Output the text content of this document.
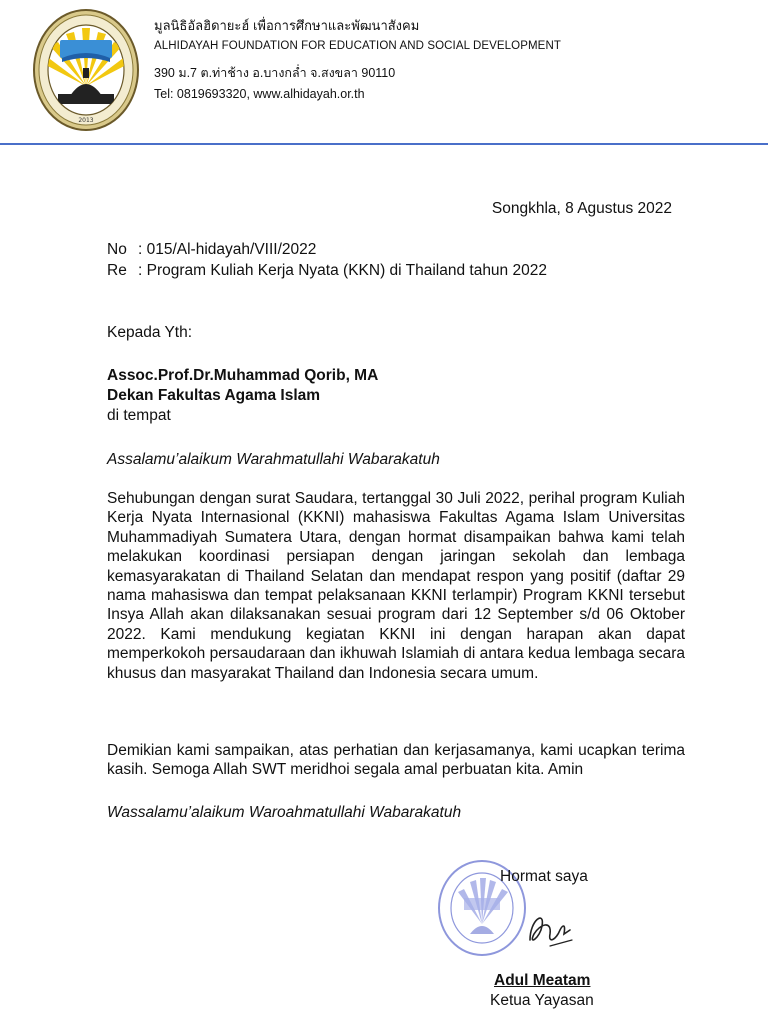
2013
มูลนิธิอัลฮิดายะฮ์ เพื่อการศึกษาและพัฒนาสังคม
ALHIDAYAH FOUNDATION FOR EDUCATION AND SOCIAL DEVELOPMENT
390 ม.7 ต.ท่าช้าง อ.บางกล่ำ จ.สงขลา 90110
Tel: 0819693320, www.alhidayah.or.th
Songkhla, 8 Agustus 2022
No : 015/Al-hidayah/VIII/2022
Re : Program Kuliah Kerja Nyata (KKN) di Thailand tahun 2022
Kepada Yth:
Assoc.Prof.Dr.Muhammad Qorib, MA
Dekan Fakultas Agama Islam
di tempat
Assalamu’alaikum Warahmatullahi Wabarakatuh
Sehubungan dengan surat Saudara, tertanggal 30 Juli 2022, perihal program Kuliah Kerja Nyata Internasional (KKNI) mahasiswa Fakultas Agama Islam Universitas Muhammadiyah Sumatera Utara, dengan hormat disampaikan bahwa kami telah melakukan koordinasi persiapan dengan jaringan sekolah dan lembaga kemasyarakatan di Thailand Selatan dan mendapat respon yang positif (daftar 29 nama mahasiswa dan tempat pelaksanaan KKNI terlampir) Program KKNI tersebut Insya Allah akan dilaksanakan sesuai program dari 12 September s/d 06 Oktober 2022. Kami mendukung kegiatan KKNI ini dengan harapan akan dapat memperkokoh persaudaraan dan ikhuwah Islamiah di antara kedua lembaga secara khusus dan masyarakat Thailand dan Indonesia secara umum.
Demikian kami sampaikan, atas perhatian dan kerjasamanya, kami ucapkan terima kasih. Semoga Allah SWT meridhoi segala amal perbuatan kita. Amin
Wassalamu’alaikum Waroahmatullahi Wabarakatuh
Hormat saya
Adul Meatam
Ketua Yayasan
